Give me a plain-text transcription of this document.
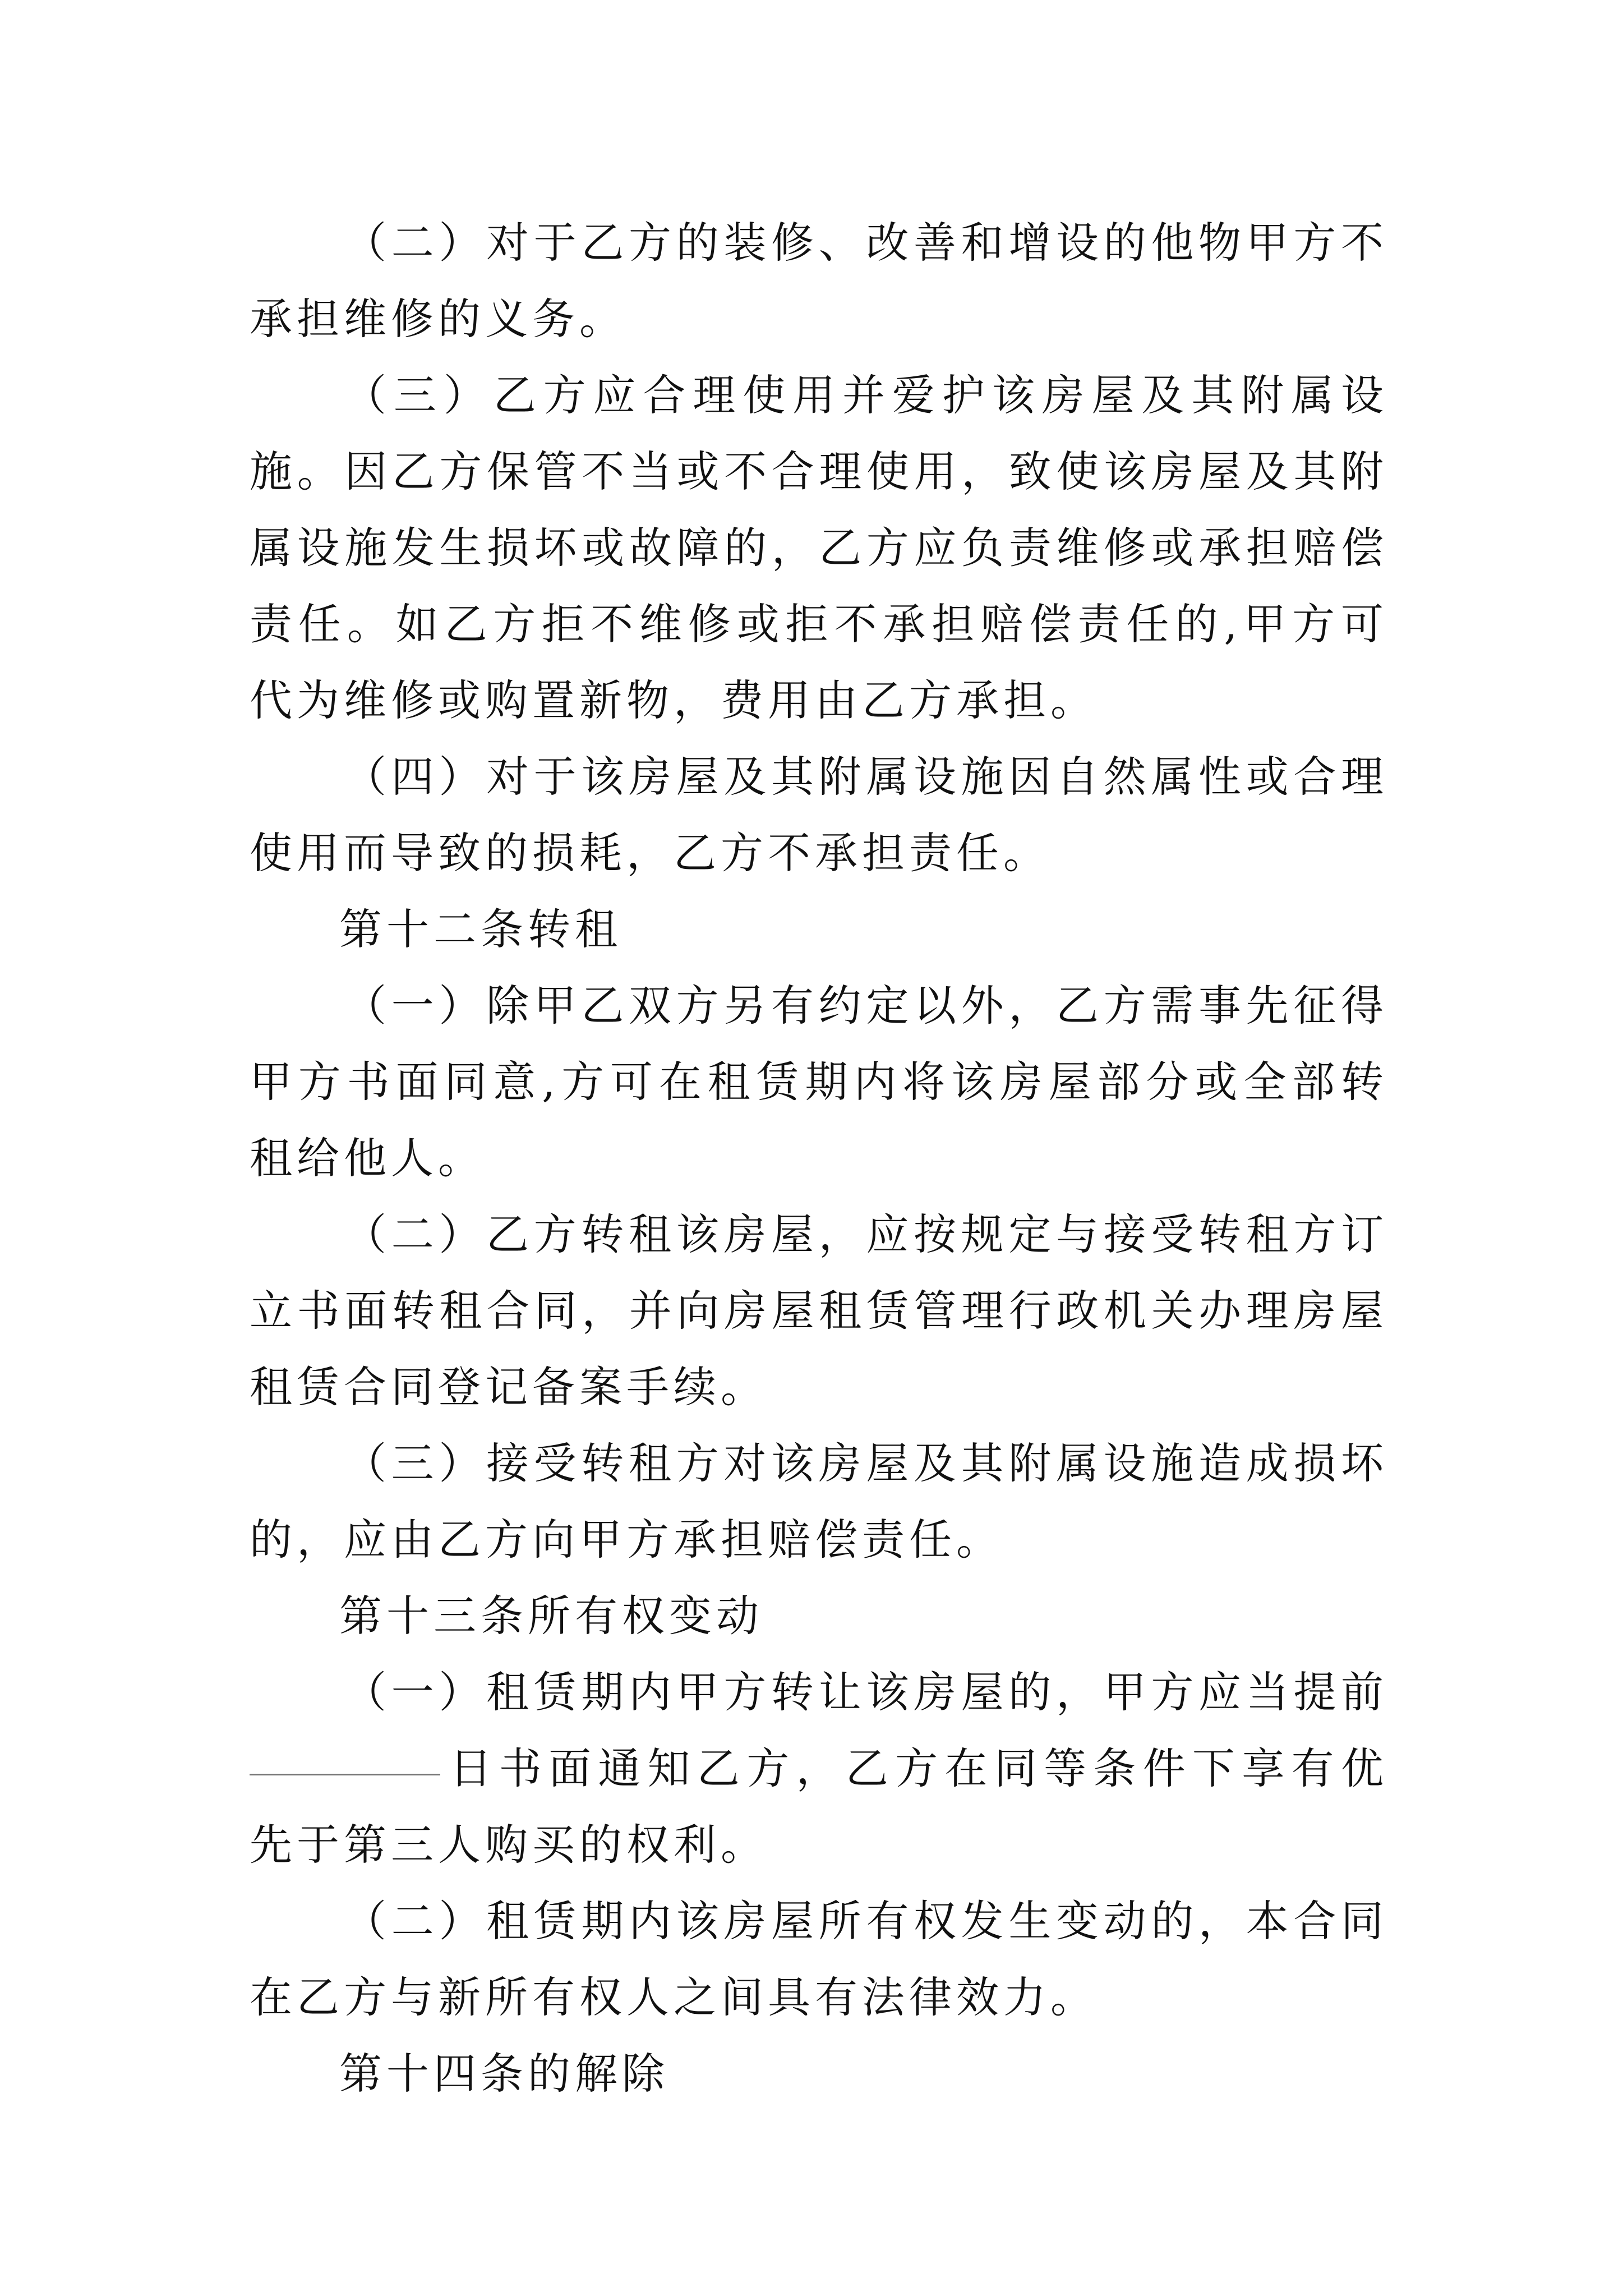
（二）对于乙方的装修、改善和增设的他物甲方不承担维修的义务。

（三）乙方应合理使用并爱护该房屋及其附属设施。因乙方保管不当或不合理使用，致使该房屋及其附属设施发生损坏或故障的，乙方应负责维修或承担赔偿责任。如乙方拒不维修或拒不承担赔偿责任的,甲方可代为维修或购置新物，费用由乙方承担。

（四）对于该房屋及其附属设施因自然属性或合理使用而导致的损耗，乙方不承担责任。

第十二条转租

（一）除甲乙双方另有约定以外，乙方需事先征得甲方书面同意,方可在租赁期内将该房屋部分或全部转租给他人。

（二）乙方转租该房屋，应按规定与接受转租方订立书面转租合同，并向房屋租赁管理行政机关办理房屋租赁合同登记备案手续。

（三）接受转租方对该房屋及其附属设施造成损坏的，应由乙方向甲方承担赔偿责任。

第十三条所有权变动

（一）租赁期内甲方转让该房屋的，甲方应当提前日书面通知乙方，乙方在同等条件下享有优先于第三人购买的权利。

（二）租赁期内该房屋所有权发生变动的，本合同在乙方与新所有权人之间具有法律效力。

第十四条的解除
